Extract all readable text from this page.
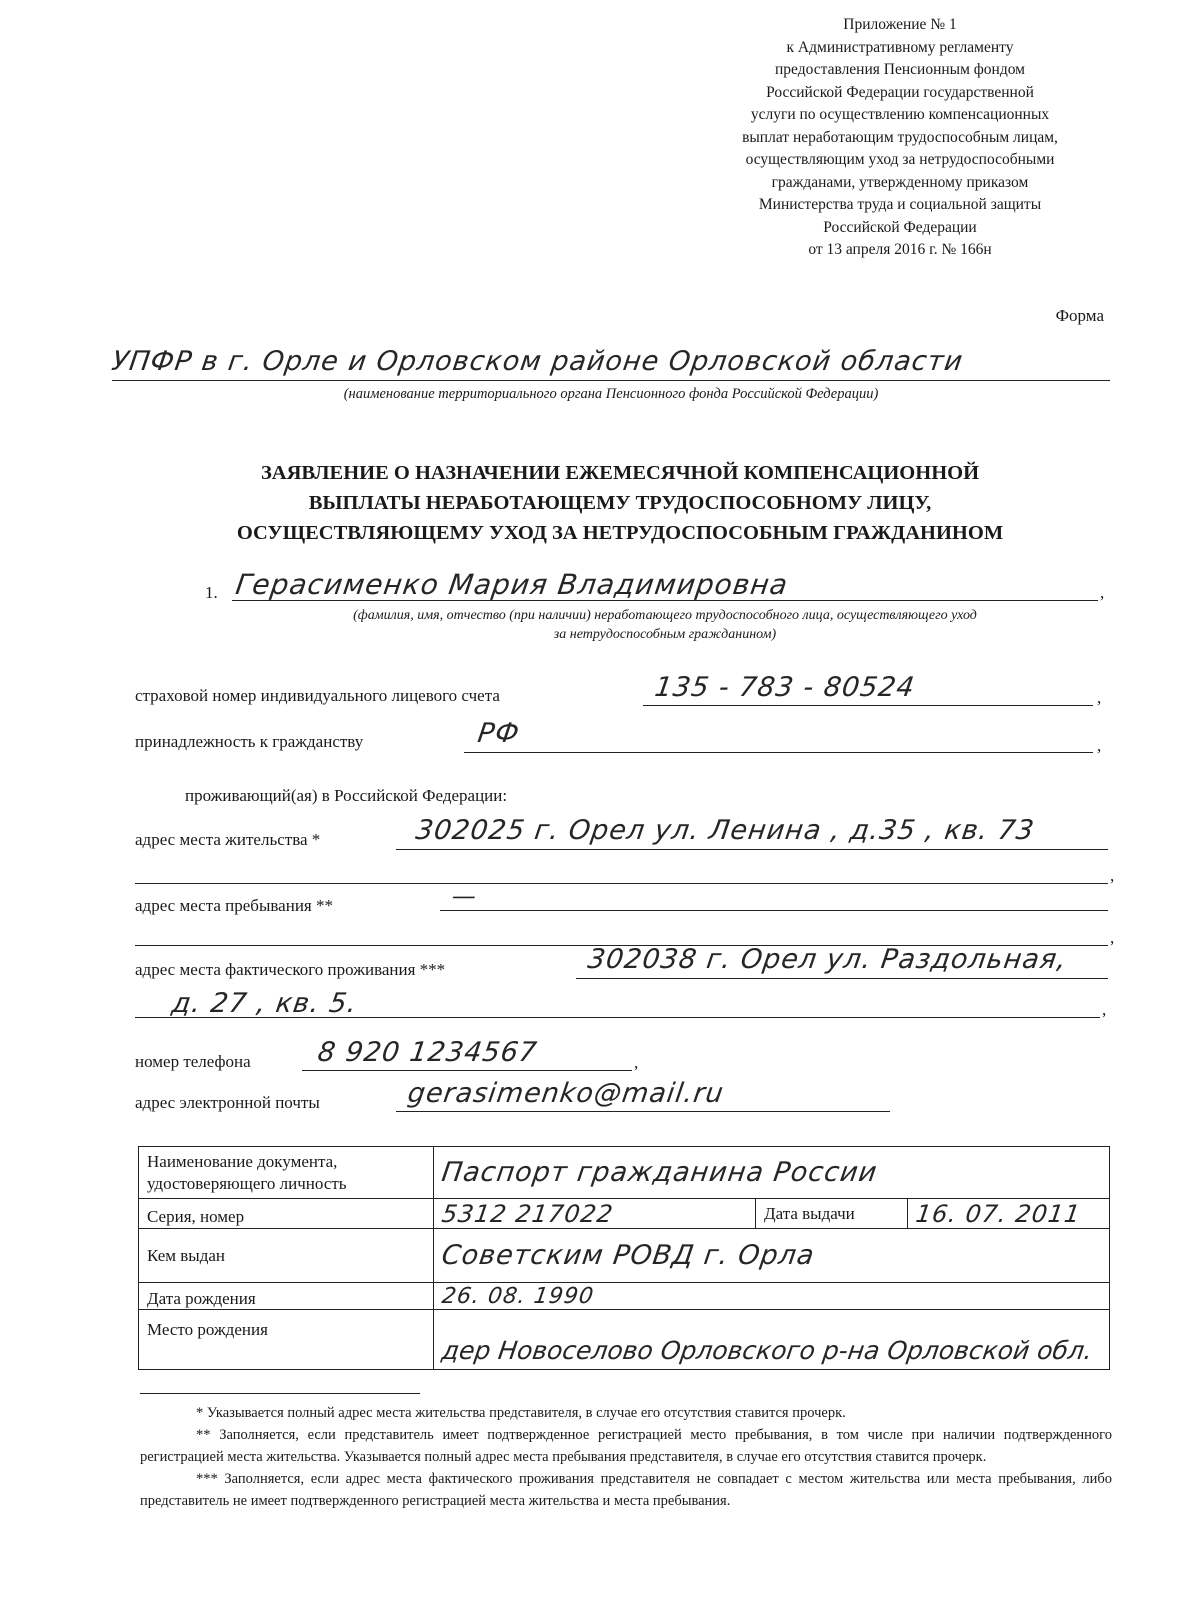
Приложение № 1
к Административному регламенту
предоставления Пенсионным фондом
Российской Федерации государственной
услуги по осуществлению компенсационных
выплат неработающим трудоспособным лицам,
осуществляющим уход за нетрудоспособными
гражданами, утвержденному приказом
Министерства труда и социальной защиты
Российской Федерации
от 13 апреля 2016 г. № 166н
Форма
УПФР в г. Орле и Орловском районе Орловской области
(наименование территориального органа Пенсионного фонда Российской Федерации)
ЗАЯВЛЕНИЕ О НАЗНАЧЕНИИ ЕЖЕМЕСЯЧНОЙ КОМПЕНСАЦИОННОЙ
ВЫПЛАТЫ НЕРАБОТАЮЩЕМУ ТРУДОСПОСОБНОМУ ЛИЦУ,
ОСУЩЕСТВЛЯЮЩЕМУ УХОД ЗА НЕТРУДОСПОСОБНЫМ ГРАЖДАНИНОМ
1. Герасименко Мария Владимировна	,
(фамилия, имя, отчество (при наличии) неработающего трудоспособного лица, осуществляющего уход
за нетрудоспособным гражданином)
страховой номер индивидуального лицевого счета	135 - 783 - 80524	,
принадлежность к гражданству	РФ	,
проживающий(ая) в Российской Федерации:
адрес места жительства *	302025 г. Орел ул. Ленина , д.35 , кв. 73
,
адрес места пребывания **	—
,
адрес места фактического проживания ***	302038 г. Орел ул. Раздольная,
д. 27 , кв. 5.	,
номер телефона 8 920 1234567	,
адрес электронной почты	gerasimenko@mail.ru
Наименование документа,
удостоверяющего личность	Паспорт гражданина России		
Серия, номер	5312 217022	Дата выдачи	16. 07. 2011
Кем выдан	Советским РОВД г. Орла		
Дата рождения	26. 08. 1990		
Место рождения	дер Новоселово Орловского р-на Орловской обл.		

* Указывается полный адрес места жительства представителя, в случае его отсутствия ставится прочерк.

** Заполняется, если представитель имеет подтвержденное регистрацией место пребывания, в том числе при наличии подтвержденного регистрацией места жительства. Указывается полный адрес места пребывания представителя, в случае его отсутствия ставится прочерк.

*** Заполняется, если адрес места фактического проживания представителя не совпадает с местом жительства или места пребывания, либо представитель не имеет подтвержденного регистрацией места жительства и места пребывания.
